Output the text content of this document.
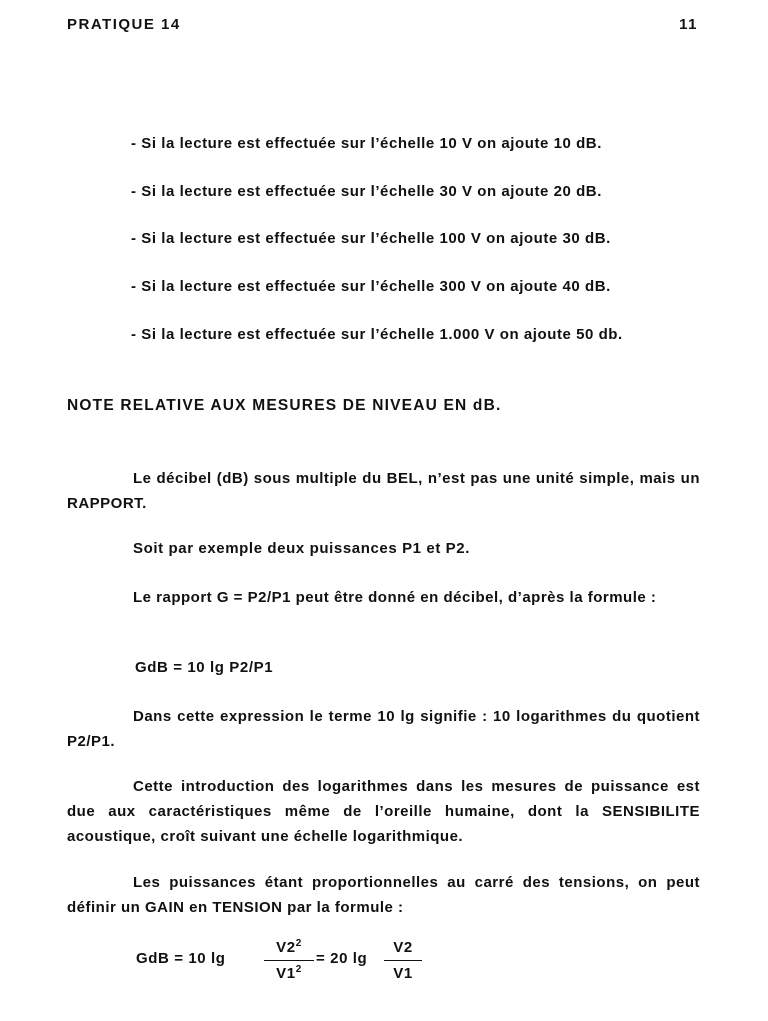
PRATIQUE 14	11
- Si la lecture est effectuée sur l’échelle 10 V on ajoute 10 dB.
- Si la lecture est effectuée sur l’échelle 30 V on ajoute 20 dB.
- Si la lecture est effectuée sur l’échelle 100 V on ajoute 30 dB.
- Si la lecture est effectuée sur l’échelle 300 V on ajoute 40 dB.
- Si la lecture est effectuée sur l’échelle 1.000 V on ajoute 50 db.
NOTE RELATIVE AUX MESURES DE NIVEAU EN dB.
Le décibel (dB) sous multiple du BEL, n’est pas une unité simple, mais un RAPPORT.
Soit par exemple deux puissances P1 et P2.
Le rapport G = P2/P1 peut être donné en décibel, d’après la formule :
GdB = 10 lg P2/P1
Dans cette expression le terme 10 lg signifie : 10 logarithmes du quotient P2/P1.
Cette introduction des logarithmes dans les mesures de puissance est due aux caractéristiques même de l’oreille humaine, dont la SENSIBILITE acoustique, croît suivant une échelle logarithmique.
Les puissances étant proportionnelles au carré des tensions, on peut définir un GAIN en TENSION par la formule :
GdB = 10 lg	$\frac{V2^2}{V1^2} = 20$ $\lg \frac{V2}{V1}$
